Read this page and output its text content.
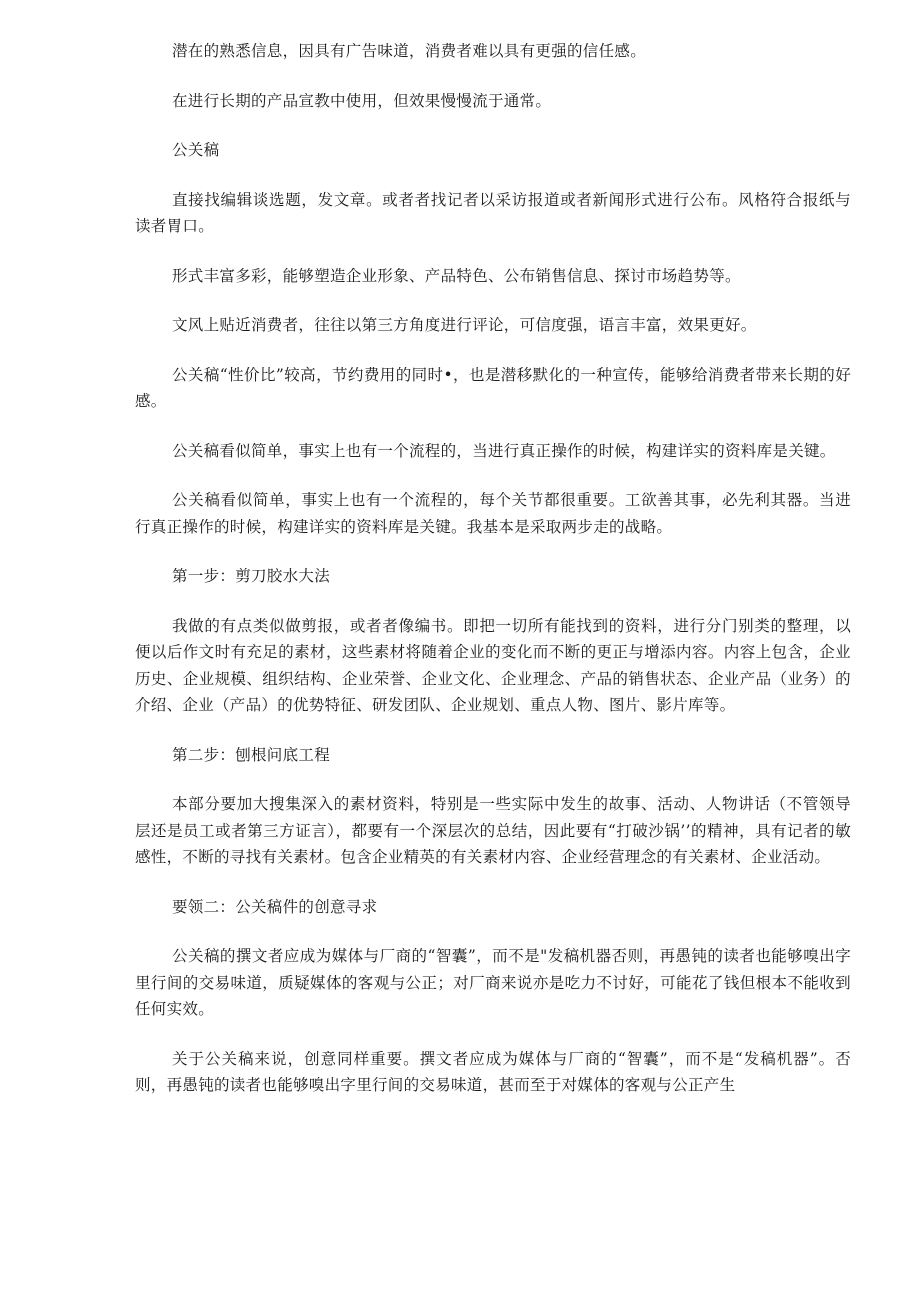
潜在的熟悉信息，因具有广告味道，消费者难以具有更强的信任感。

在进行长期的产品宣教中使用，但效果慢慢流于通常。

公关稿

直接找编辑谈选题，发文章。或者者找记者以采访报道或者新闻形式进行公布。风格符合报纸与读者胃口。

形式丰富多彩，能够塑造企业形象、产品特色、公布销售信息、探讨市场趋势等。

文风上贴近消费者，往往以第三方角度进行评论，可信度强，语言丰富，效果更好。

公关稿“性价比”较高，节约费用的同时•，也是潜移默化的一种宣传，能够给消费者带来长期的好感。

公关稿看似简单，事实上也有一个流程的，当进行真正操作的时候，构建详实的资料库是关键。

公关稿看似简单，事实上也有一个流程的，每个关节都很重要。工欲善其事，必先利其器。当进行真正操作的时候，构建详实的资料库是关键。我基本是采取两步走的战略。

第一步：剪刀胶水大法

我做的有点类似做剪报，或者者像编书。即把一切所有能找到的资料，进行分门别类的整理，以便以后作文时有充足的素材，这些素材将随着企业的变化而不断的更正与增添内容。内容上包含，企业历史、企业规模、组织结构、企业荣誉、企业文化、企业理念、产品的销售状态、企业产品（业务）的介绍、企业（产品）的优势特征、研发团队、企业规划、重点人物、图片、影片库等。

第二步：刨根问底工程

本部分要加大搜集深入的素材资料，特别是一些实际中发生的故事、活动、人物讲话（不管领导层还是员工或者第三方证言），都要有一个深层次的总结，因此要有“打破沙锅’’的精神，具有记者的敏感性，不断的寻找有关素材。包含企业精英的有关素材内容、企业经营理念的有关素材、企业活动。

要领二：公关稿件的创意寻求

公关稿的撰文者应成为媒体与厂商的“智囊”，而不是"发稿机器否则，再愚钝的读者也能够嗅出字里行间的交易味道，质疑媒体的客观与公正；对厂商来说亦是吃力不讨好，可能花了钱但根本不能收到任何实效。

关于公关稿来说，创意同样重要。撰文者应成为媒体与厂商的“智囊”，而不是“发稿机器”。否则，再愚钝的读者也能够嗅出字里行间的交易味道，甚而至于对媒体的客观与公正产生
